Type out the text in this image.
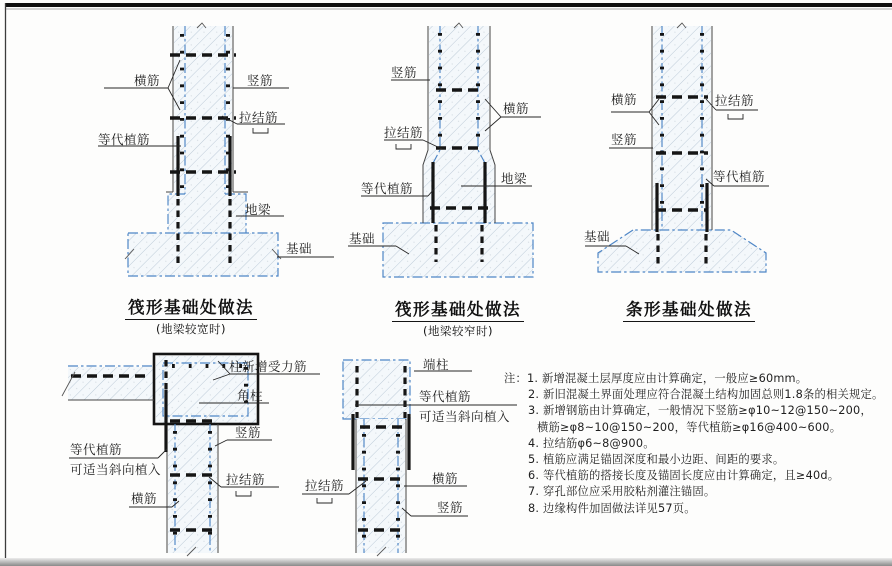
横筋	竖筋
拉结筋
等代植筋
地梁
基础
筏形基础处做法
(地梁较宽时)
竖筋
横筋
拉结筋
等代植筋
地梁
基础
筏形基础处做法
(地梁较窄时)
横筋	拉结筋
竖筋
等代植筋
基础
条形基础处做法
柱新增受力筋
角柱
竖筋
等代植筋
可适当斜向植入
拉结筋
横筋
端柱
等代植筋
可适当斜向植入
拉结筋	横筋
竖筋
注：1. 新增混凝土层厚度应由计算确定，一般应≥60mm。
2. 新旧混凝土界面处理应符合混凝土结构加固总则1.8条的相关规定。
3. 新增钢筋由计算确定，一般情况下竖筋≥φ10~12@150~200，
横筋≥φ8~10@150~200，等代植筋≥φ16@400~600。
4. 拉结筋φ6~8@900。
5. 植筋应满足锚固深度和最小边距、间距的要求。
6. 等代植筋的搭接长度及锚固长度应由计算确定，且≥40d。
7. 穿孔部位应采用胶粘剂灌注锚固。
8. 边缘构件加固做法详见57页。
